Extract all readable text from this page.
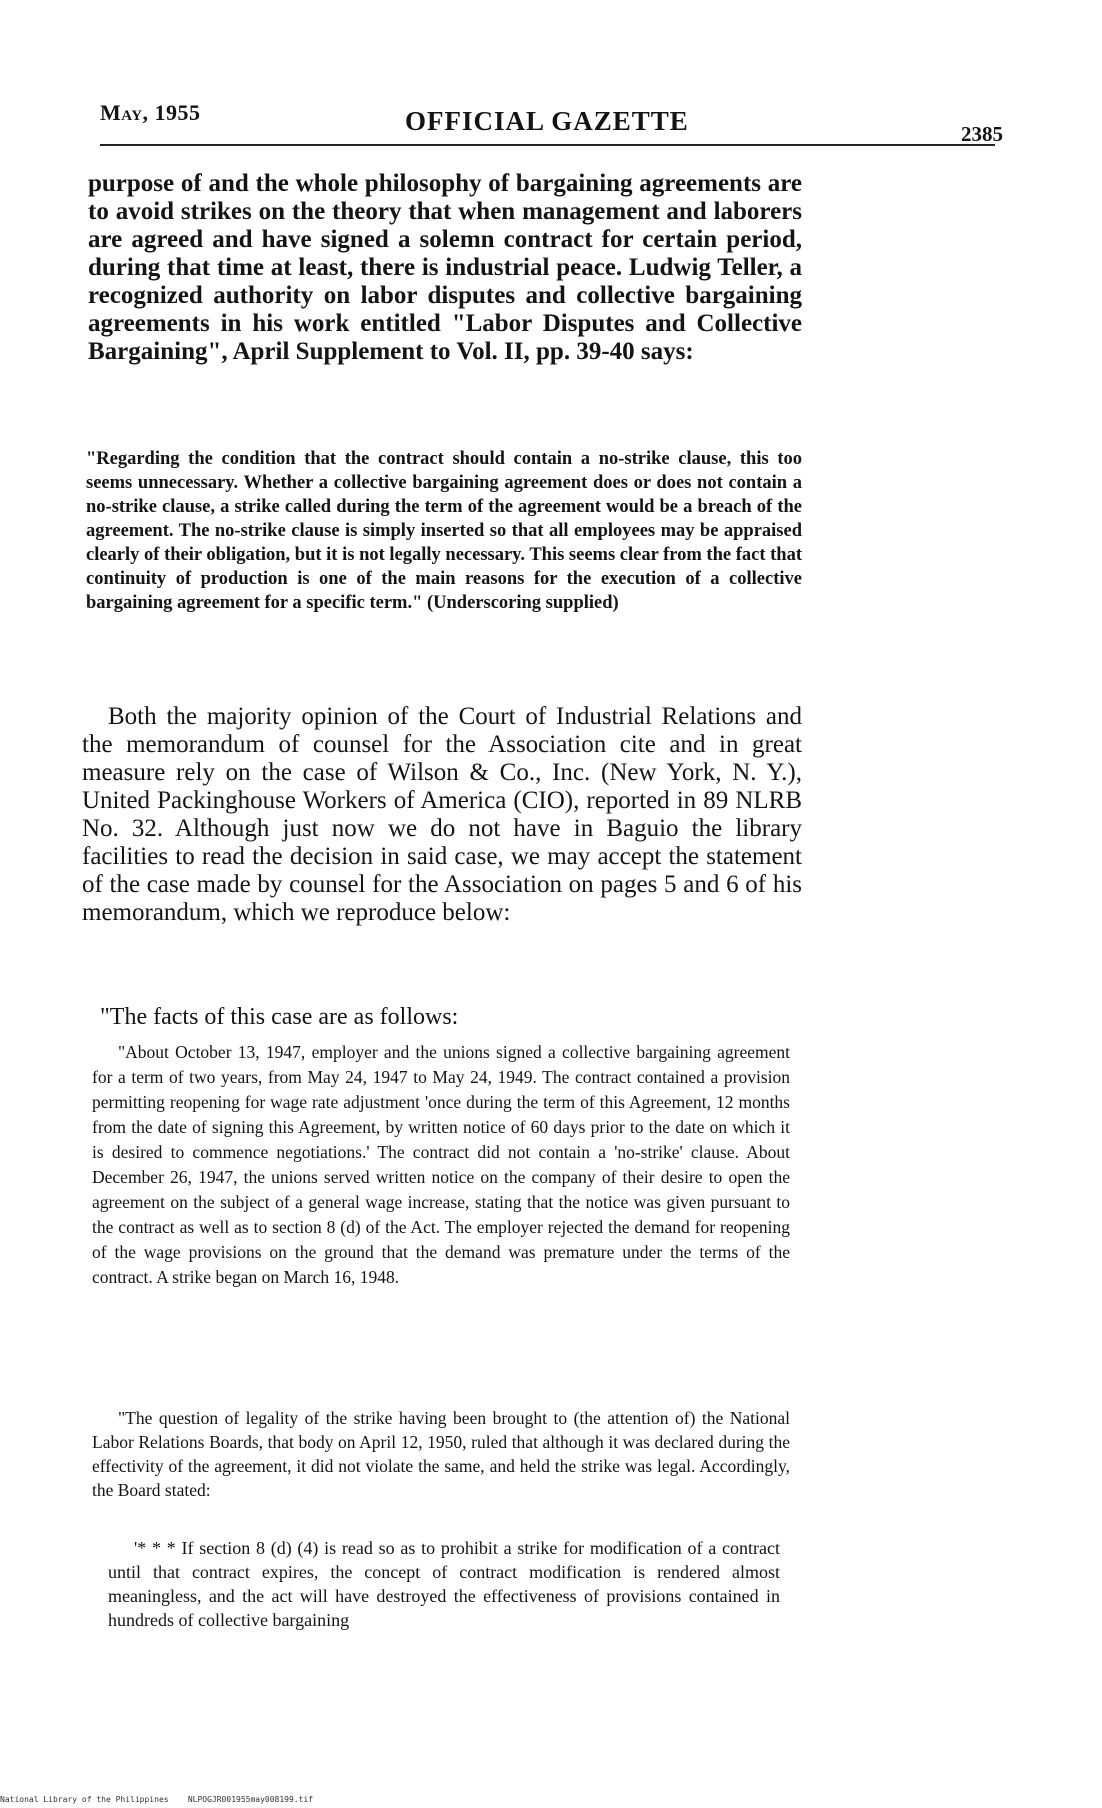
May, 1955	OFFICIAL GAZETTE	2385
purpose of and the whole philosophy of bargaining agreements are to avoid strikes on the theory that when management and laborers are agreed and have signed a solemn contract for certain period, during that time at least, there is industrial peace. Ludwig Teller, a recognized authority on labor disputes and collective bargaining agreements in his work entitled "Labor Disputes and Collective Bargaining", April Supplement to Vol. II, pp. 39-40 says:
"Regarding the condition that the contract should contain a no-strike clause, this too seems unnecessary. Whether a collective bargaining agreement does or does not contain a no-strike clause, a strike called during the term of the agreement would be a breach of the agreement. The no-strike clause is simply inserted so that all employees may be appraised clearly of their obligation, but it is not legally necessary. This seems clear from the fact that continuity of production is one of the main reasons for the execution of a collective bargaining agreement for a specific term." (Underscoring supplied)
Both the majority opinion of the Court of Industrial Relations and the memorandum of counsel for the Association cite and in great measure rely on the case of Wilson & Co., Inc. (New York, N. Y.), United Packinghouse Workers of America (CIO), reported in 89 NLRB No. 32. Although just now we do not have in Baguio the library facilities to read the decision in said case, we may accept the statement of the case made by counsel for the Association on pages 5 and 6 of his memorandum, which we reproduce below:
"The facts of this case are as follows:
"About October 13, 1947, employer and the unions signed a collective bargaining agreement for a term of two years, from May 24, 1947 to May 24, 1949. The contract contained a provision permitting reopening for wage rate adjustment 'once during the term of this Agreement, 12 months from the date of signing this Agreement, by written notice of 60 days prior to the date on which it is desired to commence negotiations.' The contract did not contain a 'no-strike' clause. About December 26, 1947, the unions served written notice on the company of their desire to open the agreement on the subject of a general wage increase, stating that the notice was given pursuant to the contract as well as to section 8 (d) of the Act. The employer rejected the demand for reopening of the wage provisions on the ground that the demand was premature under the terms of the contract. A strike began on March 16, 1948.
"The question of legality of the strike having been brought to (the attention of) the National Labor Relations Boards, that body on April 12, 1950, ruled that although it was declared during the effectivity of the agreement, it did not violate the same, and held the strike was legal. Accordingly, the Board stated:
'* * * If section 8 (d) (4) is read so as to prohibit a strike for modification of a contract until that contract expires, the concept of contract modification is rendered almost meaningless, and the act will have destroyed the effectiveness of provisions contained in hundreds of collective bargaining
National Library of the Philippines NLPOGJR001955may008199.tif
